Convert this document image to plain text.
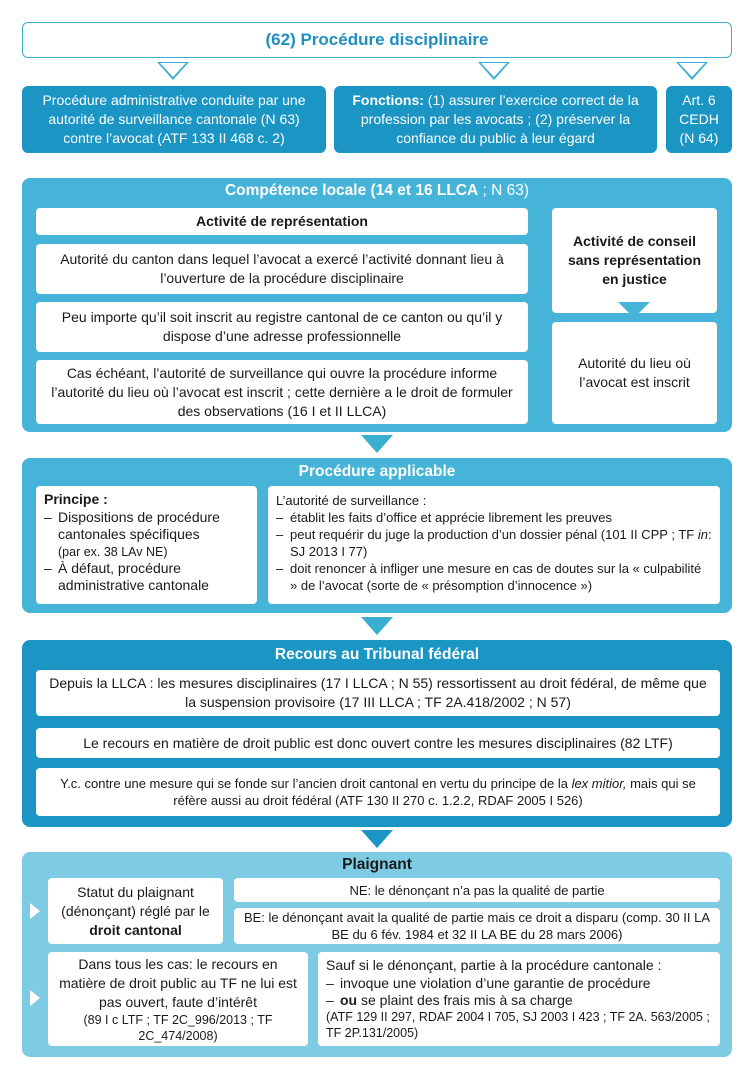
(62) Procédure disciplinaire
Procédure administrative conduite par une autorité de surveillance cantonale (N 63) contre l’avocat (ATF 133 II 468 c. 2)
Fonctions: (1) assurer l’exercice correct de la profession par les avocats ; (2) préserver la confiance du public à leur égard
Art. 6 CEDH (N 64)
Compétence locale (14 et 16 LLCA ; N 63)
Activité de représentation
Autorité du canton dans lequel l’avocat a exercé l’activité donnant lieu à l’ouverture de la procédure disciplinaire
Peu importe qu’il soit inscrit au registre cantonal de ce canton ou qu’il y dispose d’une adresse professionnelle
Cas échéant, l’autorité de surveillance qui ouvre la procédure informe l’autorité du lieu où l’avocat est inscrit ; cette dernière a le droit de formuler des observations (16 I et II LLCA)
Activité de conseil sans représentation en justice
Autorité du lieu où l’avocat est inscrit
Procédure applicable
Principe :
– Dispositions de procédure cantonales spécifiques
(par ex. 38 LAv NE)
– À défaut, procédure administrative cantonale
L’autorité de surveillance :
– établit les faits d’office et apprécie librement les preuves
– peut requérir du juge la production d’un dossier pénal (101 II CPP ; TF in: SJ 2013 I 77)
– doit renoncer à infliger une mesure en cas de doutes sur la « culpabilité » de l’avocat (sorte de « présomption d’innocence »)
Recours au Tribunal fédéral
Depuis la LLCA : les mesures disciplinaires (17 I LLCA ; N 55) ressortissent au droit fédéral, de même que la suspension provisoire (17 III LLCA ; TF 2A.418/2002 ; N 57)
Le recours en matière de droit public est donc ouvert contre les mesures disciplinaires (82 LTF)
Y.c. contre une mesure qui se fonde sur l’ancien droit cantonal en vertu du principe de la lex mitior, mais qui se réfère aussi au droit fédéral (ATF 130 II 270 c. 1.2.2, RDAF 2005 I 526)
Plaignant
Statut du plaignant (dénonçant) réglé par le droit cantonal
NE: le dénonçant n’a pas la qualité de partie
BE: le dénonçant avait la qualité de partie mais ce droit a disparu (comp. 30 II LA BE du 6 fév. 1984 et 32 II LA BE du 28 mars 2006)
Dans tous les cas: le recours en matière de droit public au TF ne lui est pas ouvert, faute d’intérêt
(89 I c LTF ; TF 2C_996/2013 ; TF 2C_474/2008)
Sauf si le dénonçant, partie à la procédure cantonale :
– invoque une violation d’une garantie de procédure
– ou se plaint des frais mis à sa charge
(ATF 129 II 297, RDAF 2004 I 705, SJ 2003 I 423 ; TF 2A. 563/2005 ; TF 2P.131/2005)
